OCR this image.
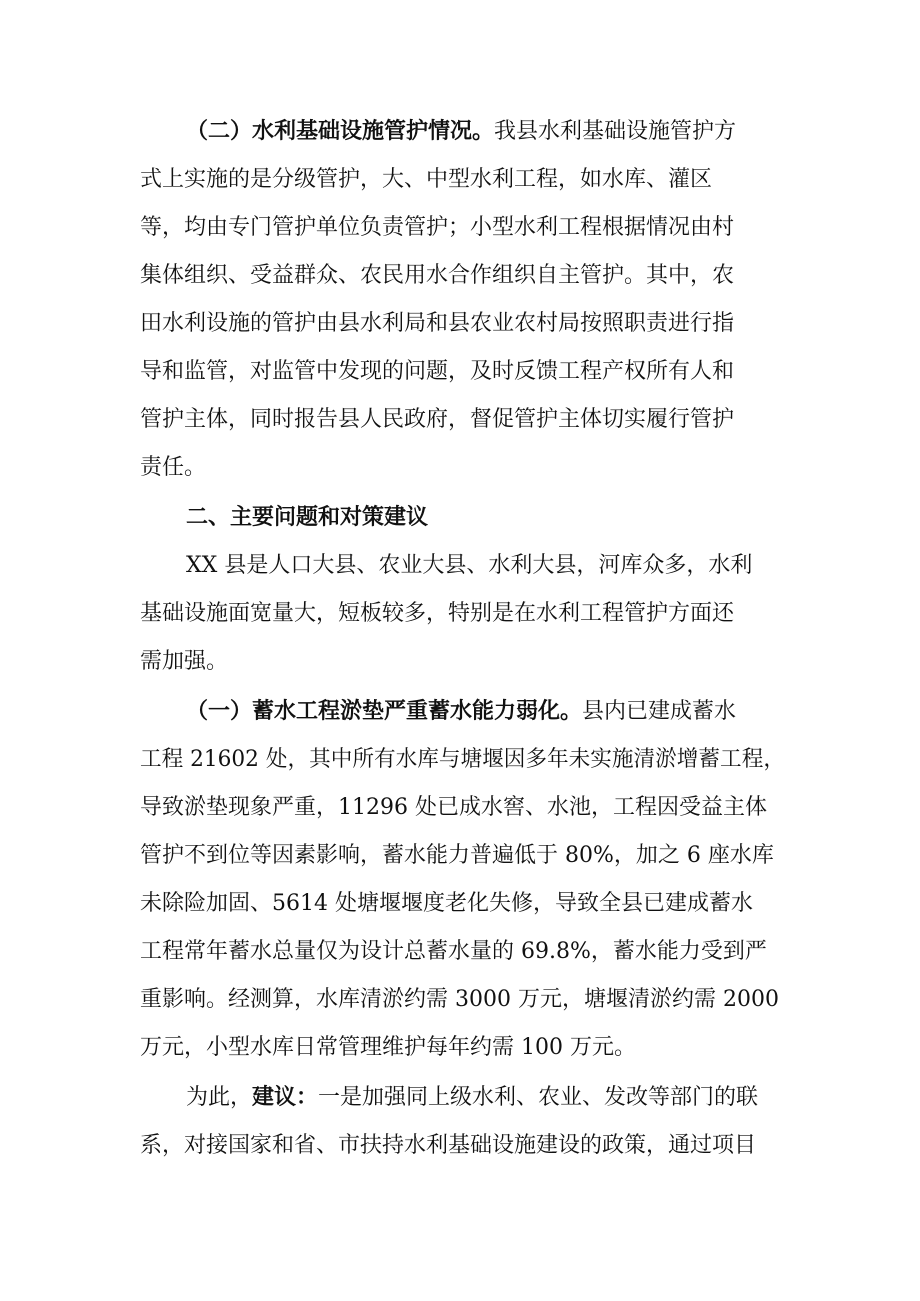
（二）水利基础设施管护情况。我县水利基础设施管护方
式上实施的是分级管护，大、中型水利工程，如水库、灌区
等，均由专门管护单位负责管护；小型水利工程根据情况由村
集体组织、受益群众、农民用水合作组织自主管护。其中，农
田水利设施的管护由县水利局和县农业农村局按照职责进行指
导和监管，对监管中发现的问题，及时反馈工程产权所有人和
管护主体，同时报告县人民政府，督促管护主体切实履行管护
责任。
二、主要问题和对策建议
XX 县是人口大县、农业大县、水利大县，河库众多，水利
基础设施面宽量大，短板较多，特别是在水利工程管护方面还
需加强。
（一）蓄水工程淤垫严重蓄水能力弱化。县内已建成蓄水
工程 21602 处，其中所有水库与塘堰因多年未实施清淤增蓄工程，
导致淤垫现象严重，11296 处已成水窖、水池，工程因受益主体
管护不到位等因素影响，蓄水能力普遍低于 80%，加之 6 座水库
未除险加固、5614 处塘堰堰度老化失修，导致全县已建成蓄水
工程常年蓄水总量仅为设计总蓄水量的 69.8%，蓄水能力受到严
重影响。经测算，水库清淤约需 3000 万元，塘堰清淤约需 2000
万元，小型水库日常管理维护每年约需 100 万元。
为此，建议：一是加强同上级水利、农业、发改等部门的联
系，对接国家和省、市扶持水利基础设施建设的政策，通过项目
